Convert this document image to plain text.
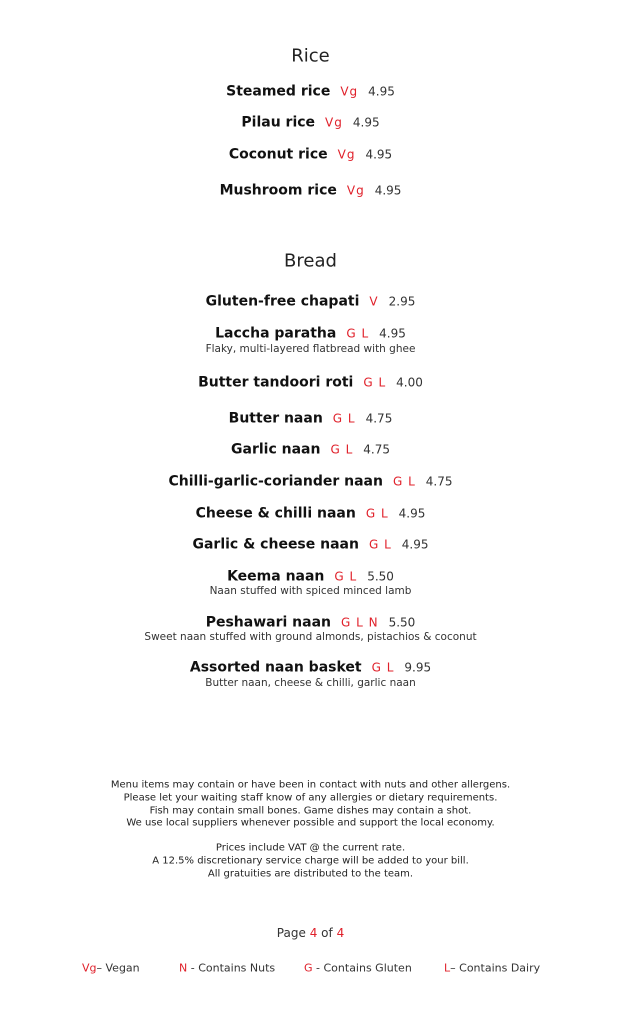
Page 4 of 4
Vg– Vegan	N - Contains Nuts	G - Contains Gluten	L– Contains Dairy
Rice
Steamed rice Vg 4.95
Pilau rice Vg 4.95
Coconut rice Vg 4.95
Mushroom rice Vg 4.95
Bread
Gluten-free chapati V 2.95
Laccha paratha G L 4.95
Flaky, multi-layered flatbread with ghee
Butter tandoori roti G L 4.00
Butter naan G L 4.75
Garlic naan G L 4.75
Chilli-garlic-coriander naan G L 4.75
Cheese & chilli naan G L 4.95
Garlic & cheese naan G L 4.95
Keema naan G L 5.50
Naan stuffed with spiced minced lamb
Peshawari naan G L N 5.50
Sweet naan stuffed with ground almonds, pistachios & coconut
Assorted naan basket G L 9.95
Butter naan, cheese & chilli, garlic naan
Menu items may contain or have been in contact with nuts and other allergens.
Please let your waiting staff know of any allergies or dietary requirements.
Fish may contain small bones. Game dishes may contain a shot.
We use local suppliers whenever possible and support the local economy.
Prices include VAT @ the current rate.
A 12.5% discretionary service charge will be added to your bill.
All gratuities are distributed to the team.
